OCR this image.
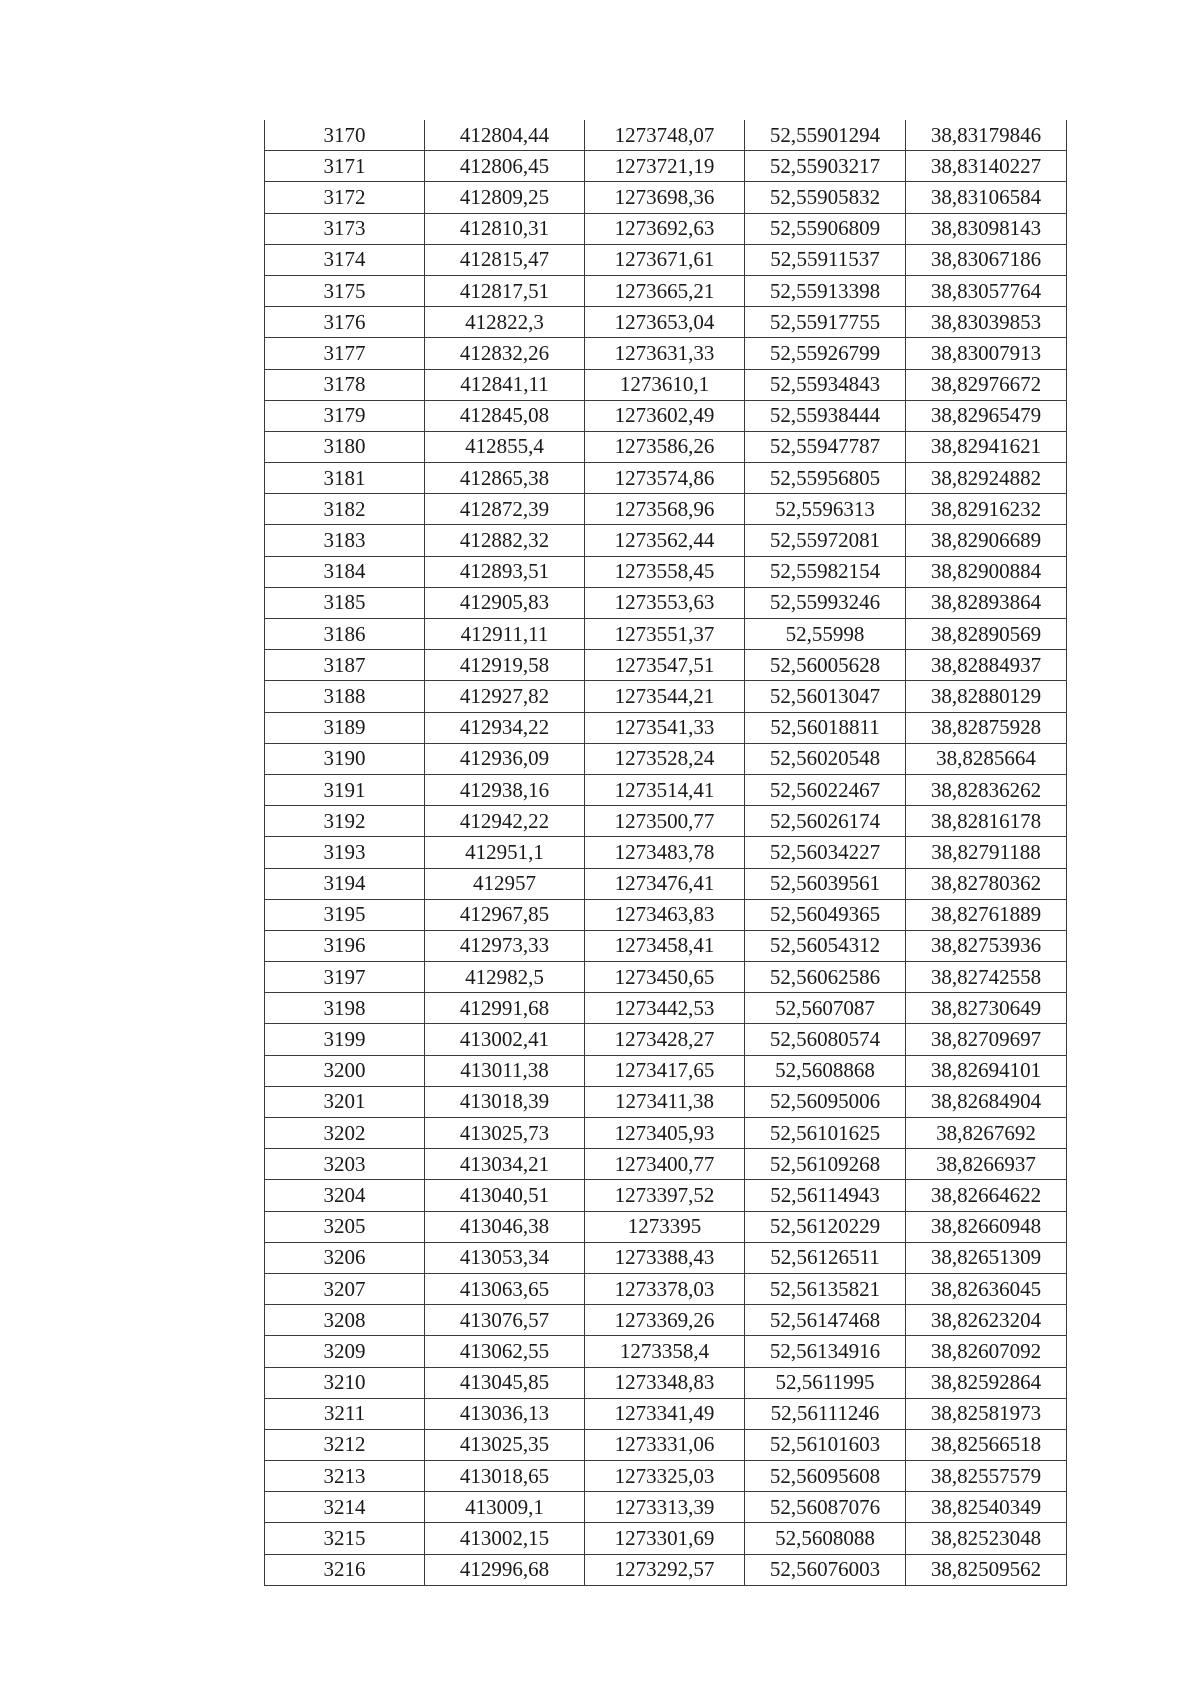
3170	412804,44	1273748,07	52,55901294	38,83179846
3171	412806,45	1273721,19	52,55903217	38,83140227
3172	412809,25	1273698,36	52,55905832	38,83106584
3173	412810,31	1273692,63	52,55906809	38,83098143
3174	412815,47	1273671,61	52,55911537	38,83067186
3175	412817,51	1273665,21	52,55913398	38,83057764
3176	412822,3	1273653,04	52,55917755	38,83039853
3177	412832,26	1273631,33	52,55926799	38,83007913
3178	412841,11	1273610,1	52,55934843	38,82976672
3179	412845,08	1273602,49	52,55938444	38,82965479
3180	412855,4	1273586,26	52,55947787	38,82941621
3181	412865,38	1273574,86	52,55956805	38,82924882
3182	412872,39	1273568,96	52,5596313	38,82916232
3183	412882,32	1273562,44	52,55972081	38,82906689
3184	412893,51	1273558,45	52,55982154	38,82900884
3185	412905,83	1273553,63	52,55993246	38,82893864
3186	412911,11	1273551,37	52,55998	38,82890569
3187	412919,58	1273547,51	52,56005628	38,82884937
3188	412927,82	1273544,21	52,56013047	38,82880129
3189	412934,22	1273541,33	52,56018811	38,82875928
3190	412936,09	1273528,24	52,56020548	38,8285664
3191	412938,16	1273514,41	52,56022467	38,82836262
3192	412942,22	1273500,77	52,56026174	38,82816178
3193	412951,1	1273483,78	52,56034227	38,82791188
3194	412957	1273476,41	52,56039561	38,82780362
3195	412967,85	1273463,83	52,56049365	38,82761889
3196	412973,33	1273458,41	52,56054312	38,82753936
3197	412982,5	1273450,65	52,56062586	38,82742558
3198	412991,68	1273442,53	52,5607087	38,82730649
3199	413002,41	1273428,27	52,56080574	38,82709697
3200	413011,38	1273417,65	52,5608868	38,82694101
3201	413018,39	1273411,38	52,56095006	38,82684904
3202	413025,73	1273405,93	52,56101625	38,8267692
3203	413034,21	1273400,77	52,56109268	38,8266937
3204	413040,51	1273397,52	52,56114943	38,82664622
3205	413046,38	1273395	52,56120229	38,82660948
3206	413053,34	1273388,43	52,56126511	38,82651309
3207	413063,65	1273378,03	52,56135821	38,82636045
3208	413076,57	1273369,26	52,56147468	38,82623204
3209	413062,55	1273358,4	52,56134916	38,82607092
3210	413045,85	1273348,83	52,5611995	38,82592864
3211	413036,13	1273341,49	52,56111246	38,82581973
3212	413025,35	1273331,06	52,56101603	38,82566518
3213	413018,65	1273325,03	52,56095608	38,82557579
3214	413009,1	1273313,39	52,56087076	38,82540349
3215	413002,15	1273301,69	52,5608088	38,82523048
3216	412996,68	1273292,57	52,56076003	38,82509562
